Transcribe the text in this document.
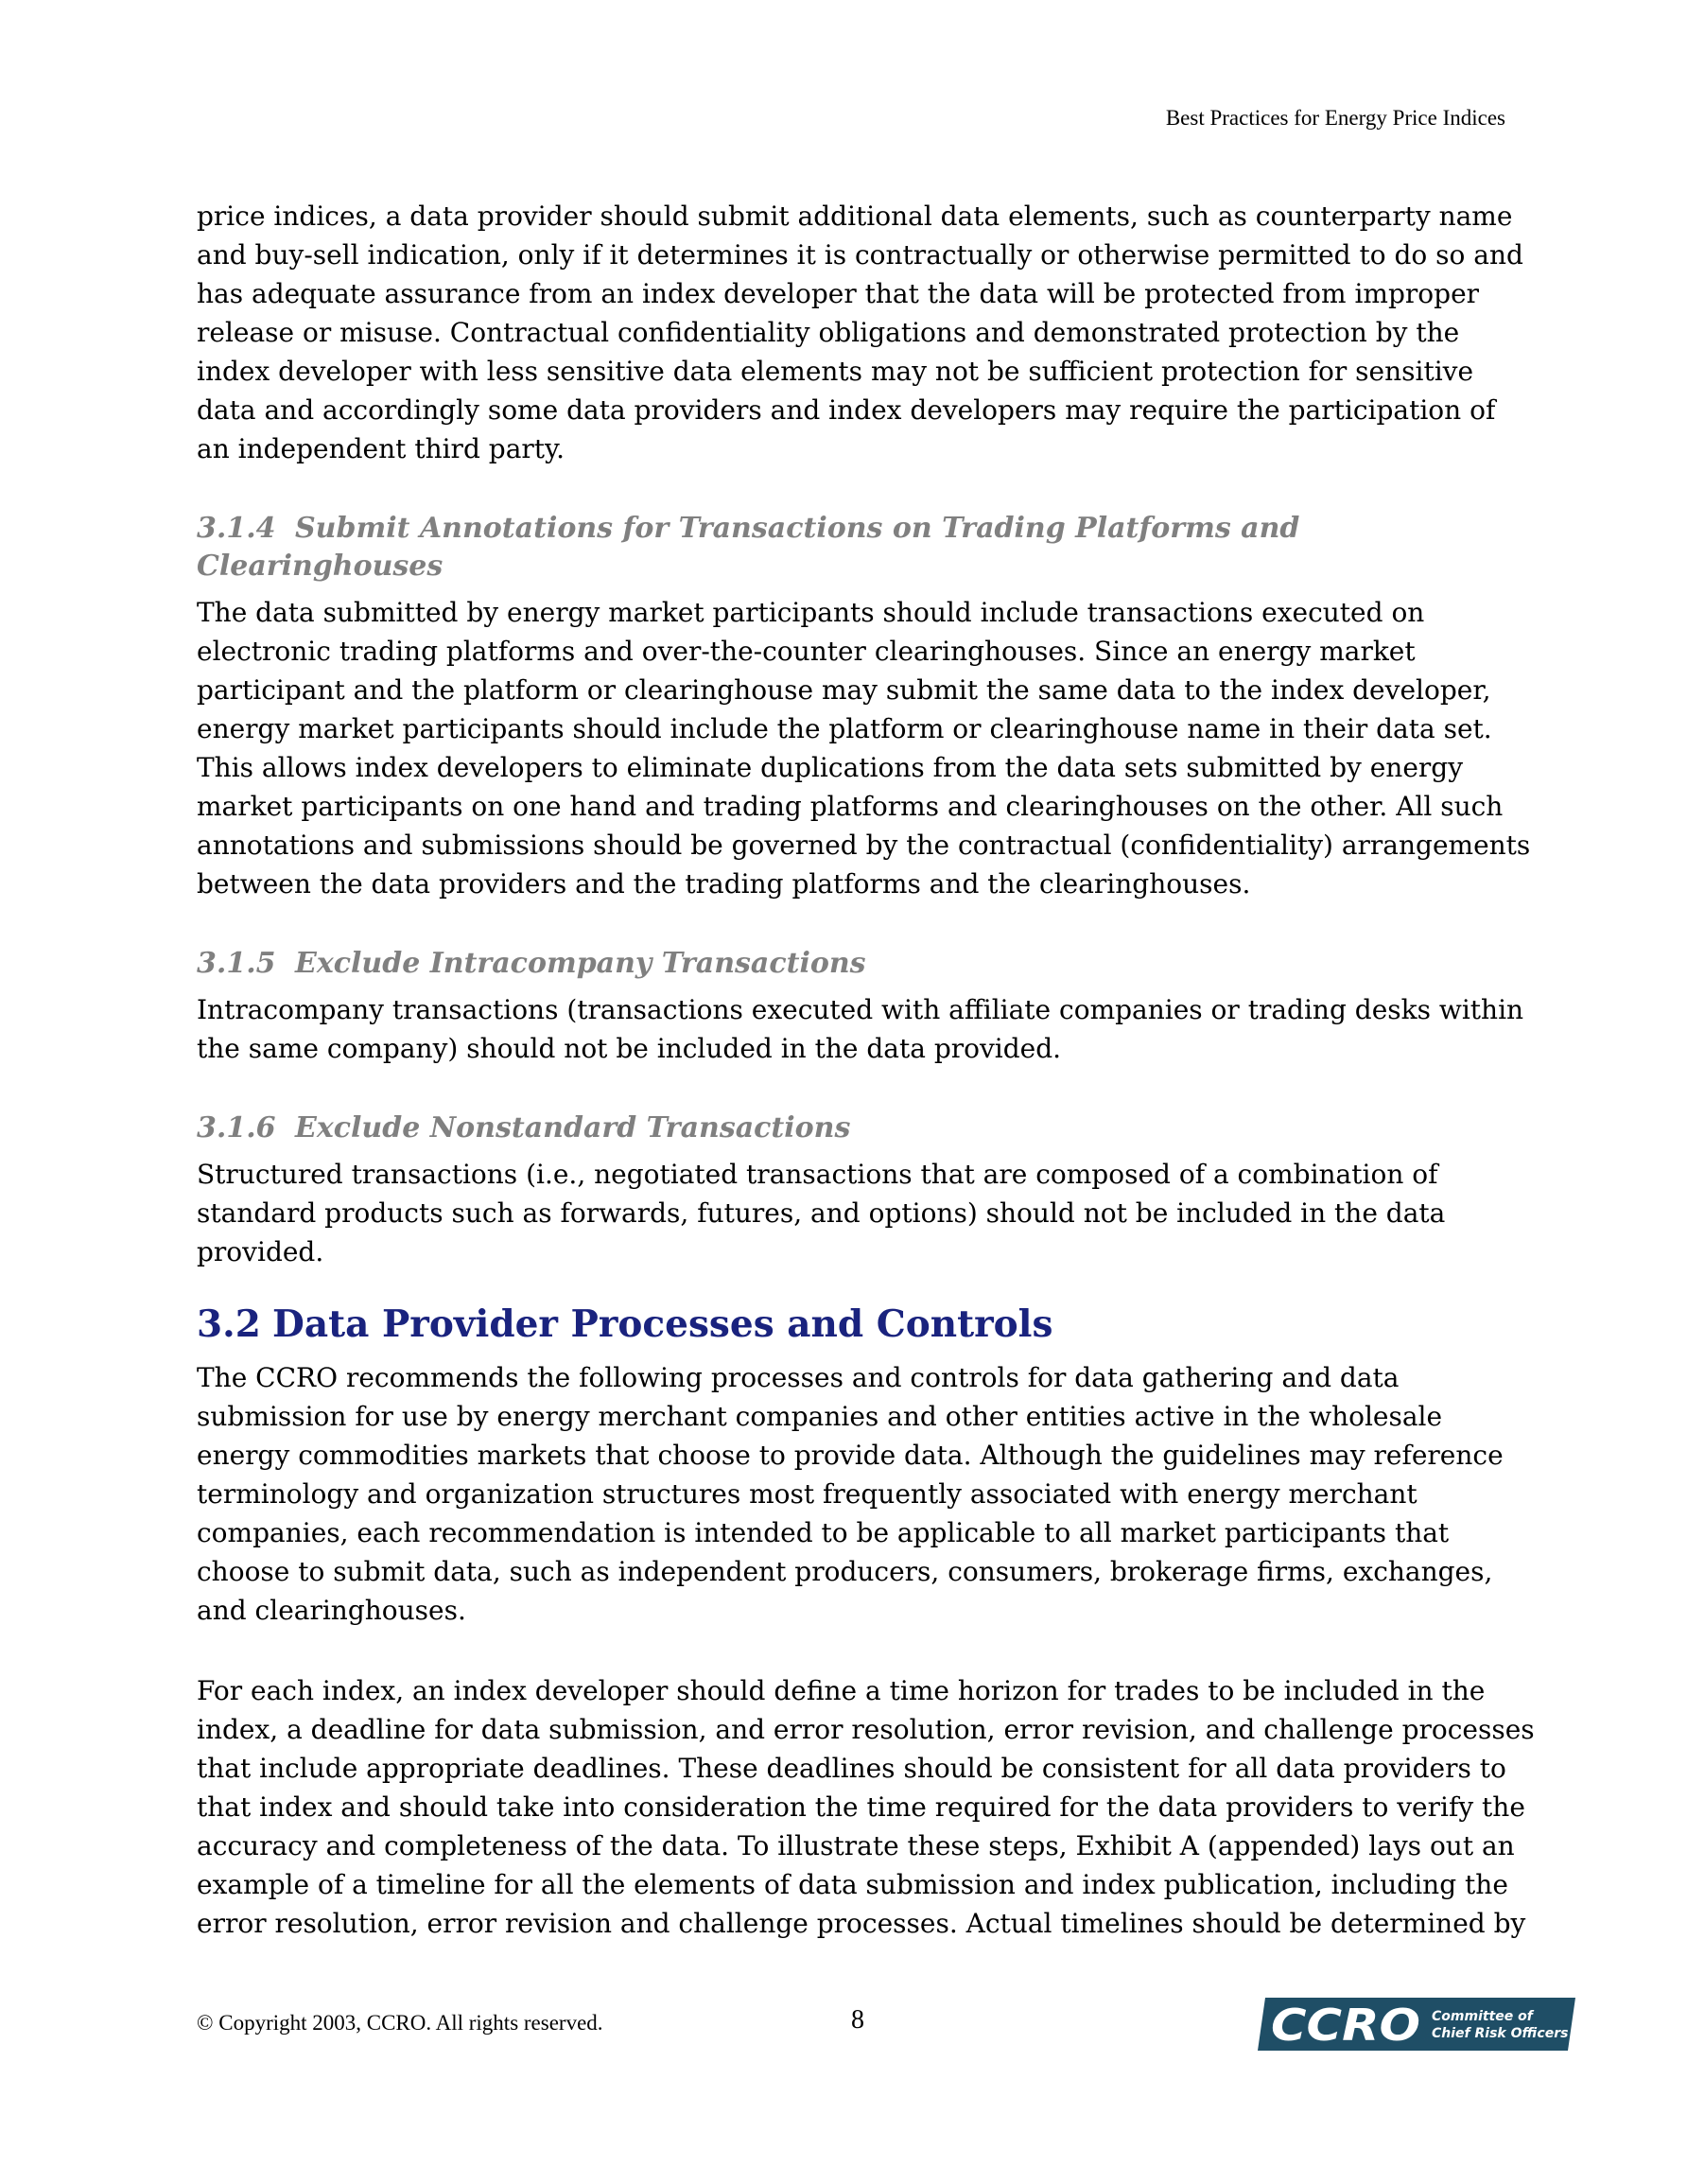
Best Practices for Energy Price Indices

price indices, a data provider should submit additional data elements, such as counterparty name and buy-sell indication, only if it determines it is contractually or otherwise permitted to do so and has adequate assurance from an index developer that the data will be protected from improper release or misuse. Contractual confidentiality obligations and demonstrated protection by the index developer with less sensitive data elements may not be sufficient protection for sensitive data and accordingly some data providers and index developers may require the participation of an independent third party.

3.1.4 Submit Annotations for Transactions on Trading Platforms and Clearinghouses

The data submitted by energy market participants should include transactions executed on electronic trading platforms and over-the-counter clearinghouses. Since an energy market participant and the platform or clearinghouse may submit the same data to the index developer, energy market participants should include the platform or clearinghouse name in their data set. This allows index developers to eliminate duplications from the data sets submitted by energy market participants on one hand and trading platforms and clearinghouses on the other. All such annotations and submissions should be governed by the contractual (confidentiality) arrangements between the data providers and the trading platforms and the clearinghouses.

3.1.5 Exclude Intracompany Transactions

Intracompany transactions (transactions executed with affiliate companies or trading desks within the same company) should not be included in the data provided.

3.1.6 Exclude Nonstandard Transactions

Structured transactions (i.e., negotiated transactions that are composed of a combination of standard products such as forwards, futures, and options) should not be included in the data provided.

3.2 Data Provider Processes and Controls

The CCRO recommends the following processes and controls for data gathering and data submission for use by energy merchant companies and other entities active in the wholesale energy commodities markets that choose to provide data. Although the guidelines may reference terminology and organization structures most frequently associated with energy merchant companies, each recommendation is intended to be applicable to all market participants that choose to submit data, such as independent producers, consumers, brokerage firms, exchanges, and clearinghouses.

For each index, an index developer should define a time horizon for trades to be included in the index, a deadline for data submission, and error resolution, error revision, and challenge processes that include appropriate deadlines. These deadlines should be consistent for all data providers to that index and should take into consideration the time required for the data providers to verify the accuracy and completeness of the data. To illustrate these steps, Exhibit A (appended) lays out an example of a timeline for all the elements of data submission and index publication, including the error resolution, error revision and challenge processes. Actual timelines should be determined by

© Copyright 2003, CCRO. All rights reserved.	8	CCRO Committee of
Chief Risk Officers
